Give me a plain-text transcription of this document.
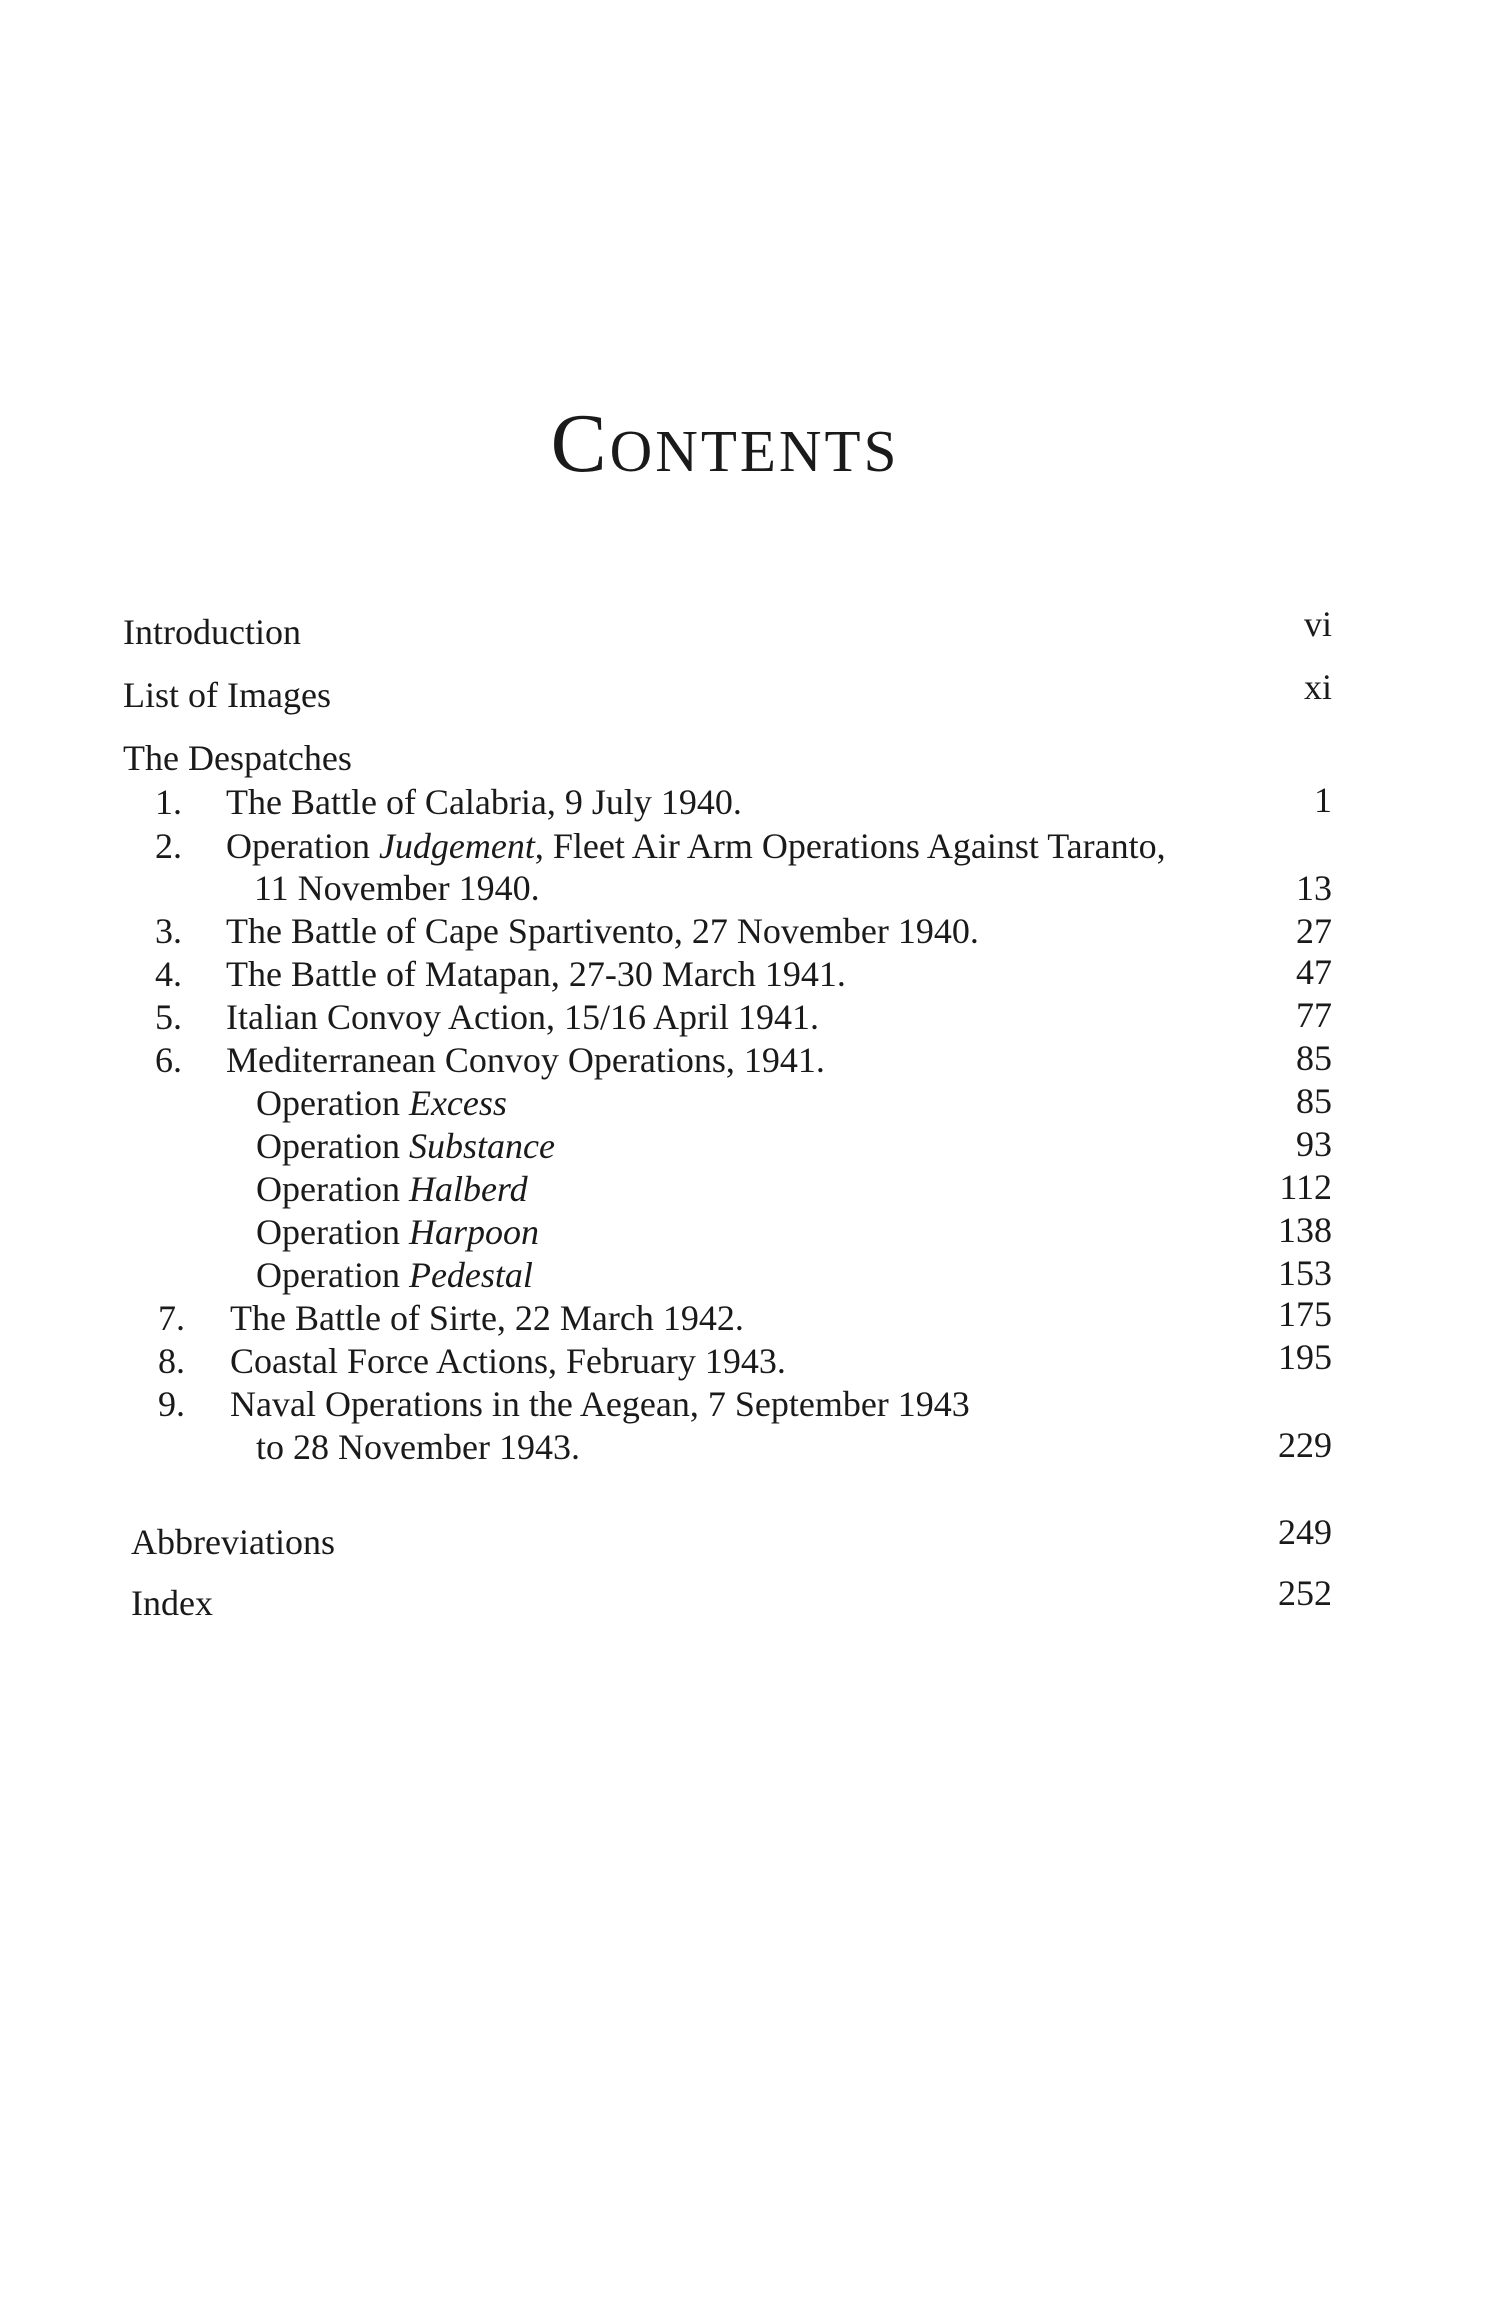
Contents
Introduction	vi
List of Images	xi
The Despatches
1. The Battle of Calabria, 9 July 1940.	1
2. Operation Judgement, Fleet Air Arm Operations Against Taranto,
11 November 1940.	13
3. The Battle of Cape Spartivento, 27 November 1940.	27
4. The Battle of Matapan, 27-30 March 1941.	47
5. Italian Convoy Action, 15/16 April 1941.	77
6. Mediterranean Convoy Operations, 1941.	85
Operation Excess	85
Operation Substance	93
Operation Halberd	112
Operation Harpoon	138
Operation Pedestal	153
7. The Battle of Sirte, 22 March 1942.	175
8. Coastal Force Actions, February 1943.	195
9. Naval Operations in the Aegean, 7 September 1943
to 28 November 1943.	229
Abbreviations	249
Index	252
